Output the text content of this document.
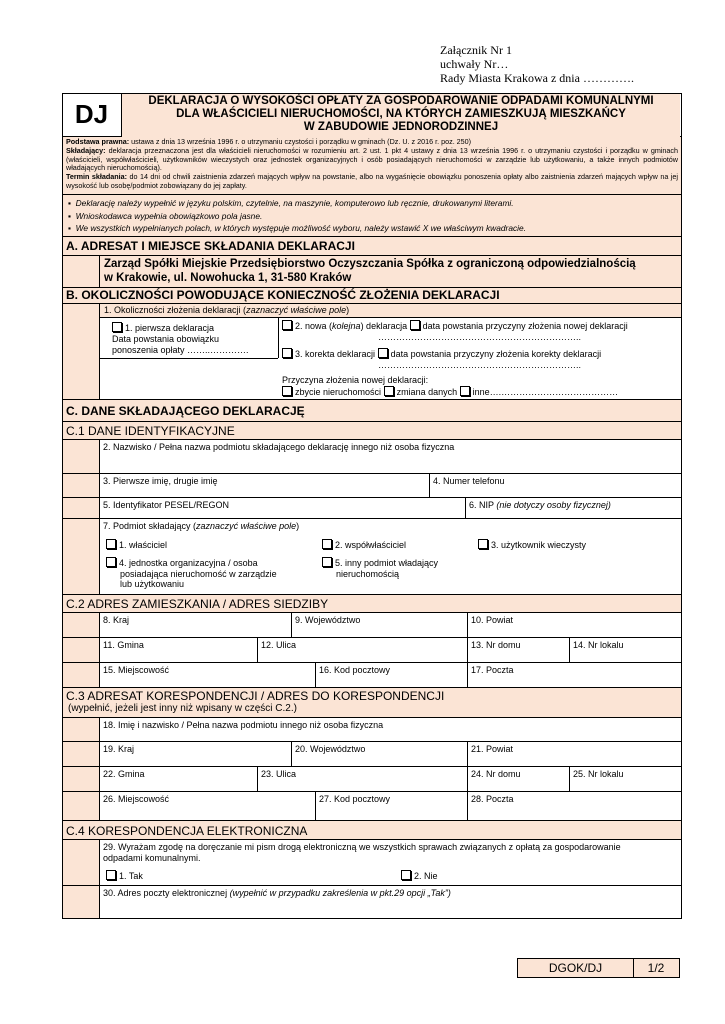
Załącznik Nr 1
uchwały Nr…
Rady Miasta Krakowa z dnia ………….
DJ	DEKLARACJA O WYSOKOŚCI OPŁATY ZA GOSPODAROWANIE ODPADAMI KOMUNALNYMI
DLA WŁAŚCICIELI NIERUCHOMOŚCI, NA KTÓRYCH ZAMIESZKUJĄ MIESZKAŃCY
W ZABUDOWIE JEDNORODZINNEJ
Podstawa prawna: ustawa z dnia 13 września 1996 r. o utrzymaniu czystości i porządku w gminach (Dz. U. z 2016 r. poz. 250)
Składający: deklaracja przeznaczona jest dla właścicieli nieruchomości w rozumieniu art. 2 ust. 1 pkt 4 ustawy z dnia 13 września 1996 r. o utrzymaniu czystości i porządku w gminach (właścicieli, współwłaścicieli, użytkowników wieczystych oraz jednostek organizacyjnych i osób posiadających nieruchomości w zarządzie lub użytkowaniu, a także innych podmiotów władających nieruchomością).
Termin składania: do 14 dni od chwili zaistnienia zdarzeń mających wpływ na powstanie, albo na wygaśnięcie obowiązku ponoszenia opłaty albo zaistnienia zdarzeń mających wpływ na jej wysokość lub osobę/podmiot zobowiązany do jej zapłaty.
▪  Deklarację należy wypełnić w języku polskim, czytelnie, na maszynie, komputerowo lub ręcznie, drukowanymi literami.
▪  Wnioskodawca wypełnia obowiązkowo pola jasne.
▪  We wszystkich wypełnianych polach, w których występuje możliwość wyboru, należy wstawić X we właściwym kwadracie.
A. ADRESAT I MIEJSCE SKŁADANIA DEKLARACJI
Zarząd Spółki Miejskie Przedsiębiorstwo Oczyszczania Spółka z ograniczoną odpowiedzialnością
w Krakowie, ul. Nowohucka 1, 31-580 Kraków
B. OKOLICZNOŚCI POWODUJĄCE KONIECZNOŚĆ ZŁOŻENIA DEKLARACJI
1. Okoliczności złożenia deklaracji (zaznaczyć właściwe pole)
1. pierwsza deklaracja
Data powstania obowiązku
ponoszenia opłaty ……..………….
2. nowa (kolejna) deklaracja data powstania przyczyny złożenia nowej deklaracji
…………………………………………………………..
3. korekta deklaracji data powstania przyczyny złożenia korekty deklaracji
…………………………………………………………..
Przyczyna złożenia nowej deklaracji:
zbycie nieruchomości zmiana danych inne….…………………………………
C. DANE SKŁADAJĄCEGO DEKLARACJĘ
C.1 DANE IDENTYFIKACYJNE
2. Nazwisko / Pełna nazwa podmiotu składającego deklarację innego niż osoba fizyczna
3. Pierwsze imię, drugie imię	4. Numer telefonu
5. Identyfikator PESEL/REGON	6. NIP (nie dotyczy osoby fizycznej)
7. Podmiot składający (zaznaczyć właściwe pole)
1. właściciel	2. współwłaściciel	3. użytkownik wieczysty
4. jednostka organizacyjna / osoba
posiadająca nieruchomość w zarządzie
lub użytkowaniu
5. inny podmiot władający
nieruchomością
C.2 ADRES ZAMIESZKANIA / ADRES SIEDZIBY
8. Kraj	9. Województwo	10. Powiat
11. Gmina	12. Ulica	13. Nr domu	14. Nr lokalu
15. Miejscowość	16. Kod pocztowy	17. Poczta
C.3 ADRESAT KORESPONDENCJI / ADRES DO KORESPONDENCJI
(wypełnić, jeżeli jest inny niż wpisany w części C.2.)
18. Imię i nazwisko / Pełna nazwa podmiotu innego niż osoba fizyczna
19. Kraj	20. Województwo	21. Powiat
22. Gmina	23. Ulica	24. Nr domu	25. Nr lokalu
26. Miejscowość	27. Kod pocztowy	28. Poczta
C.4 KORESPONDENCJA ELEKTRONICZNA
29. Wyrażam zgodę na doręczanie mi pism drogą elektroniczną we wszystkich sprawach związanych z opłatą za gospodarowanie
odpadami komunalnymi.
1. Tak	2. Nie
30. Adres poczty elektronicznej (wypełnić w przypadku zakreślenia w pkt.29 opcji „Tak”)
DGOK/DJ	1/2
